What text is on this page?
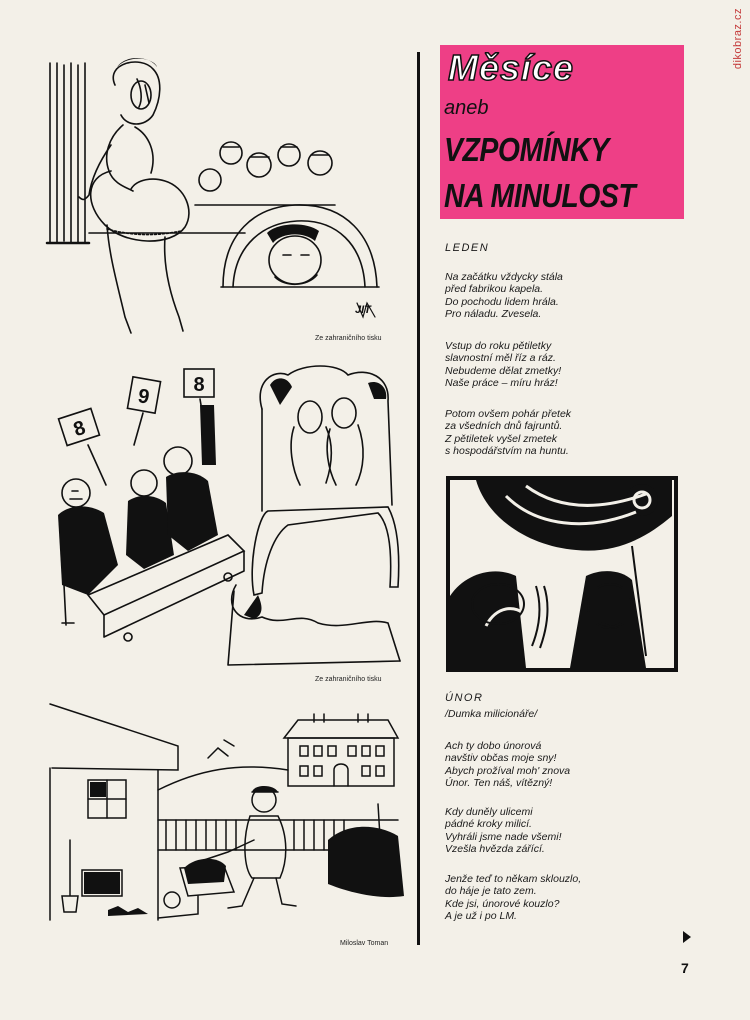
dikobraz.cz
JIT
Ze zahraničního tisku
8
9
8
Ze zahraničního tisku
Miloslav Toman
Měsíce
aneb
VZPOMÍNKY
NA MINULOST
LEDEN
Na začátku vždycky stála
před fabrikou kapela.
Do pochodu lidem hrála.
Pro náladu. Zvesela.
Vstup do roku pětiletky
slavnostní měl říz a ráz.
Nebudeme dělat zmetky!
Naše práce – míru hráz!
Potom ovšem pohár přetek
za všedních dnů fajruntů.
Z pětiletek vyšel zmetek
s hospodářstvím na huntu.
ÚNOR
/Dumka milicionáře/
Ach ty dobo únorová
navštiv občas moje sny!
Abych prožíval moh' znova
Únor. Ten náš, vítězný!
Kdy duněly ulicemi
pádné kroky milicí.
Vyhráli jsme nade všemi!
Vzešla hvězda zářící.
Jenže teď to někam sklouzlo,
do háje je tato zem.
Kde jsi, únorové kouzlo?
A je už i po LM.
7
